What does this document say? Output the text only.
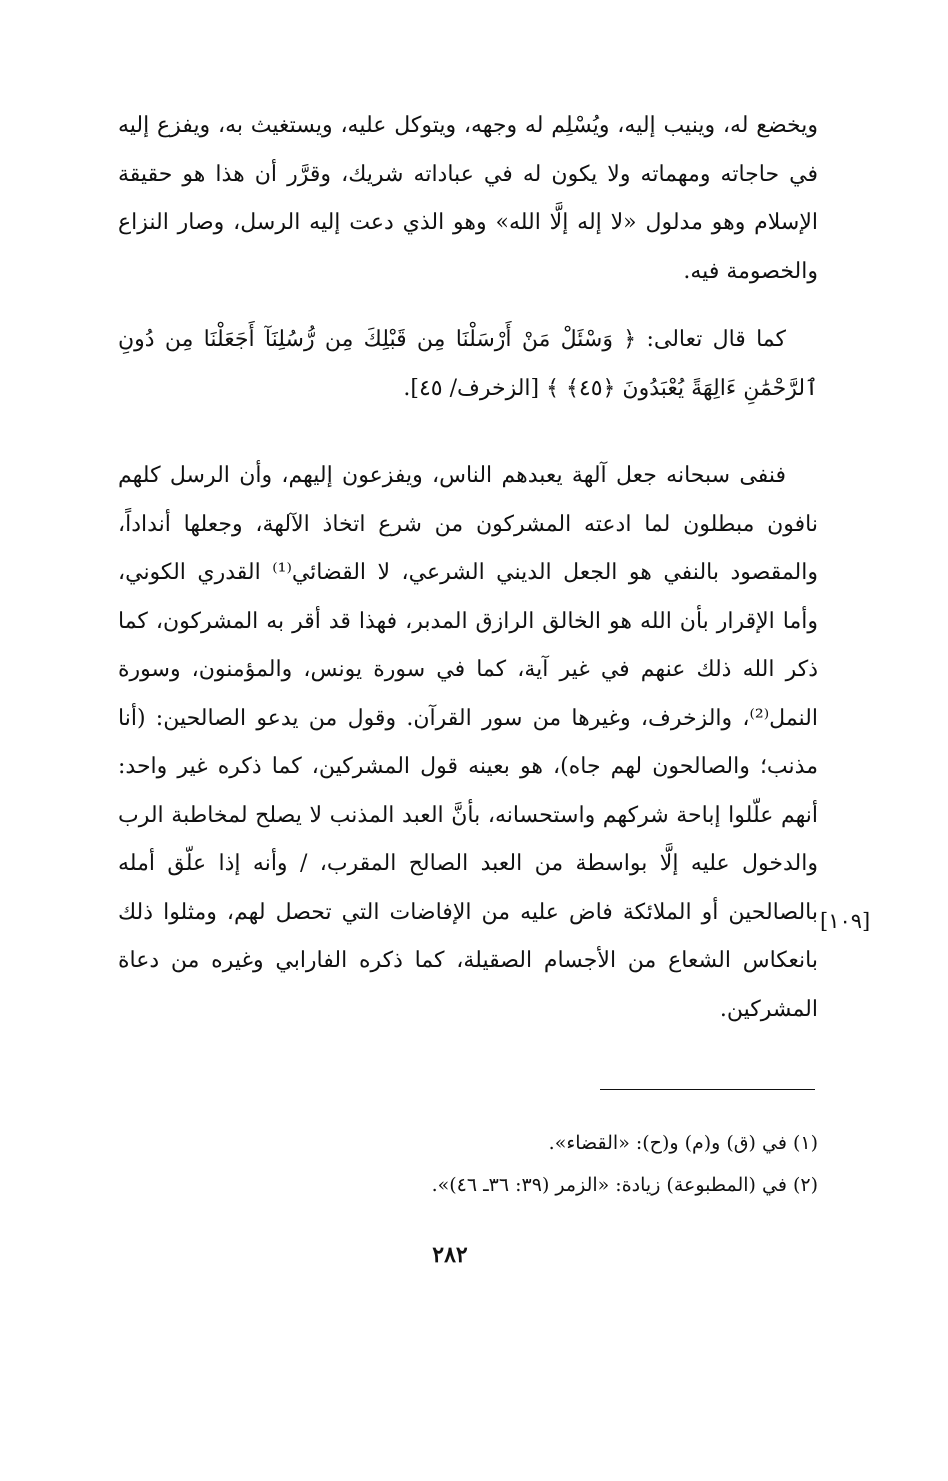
ويخضع له، وينيب إليه، ويُسْلِم له وجهه، ويتوكل عليه، ويستغيث به، ويفزع إليه في حاجاته ومهماته ولا يكون له في عباداته شريك، وقرَّر أن هذا هو حقيقة الإسلام وهو مدلول «لا إله إلَّا الله» وهو الذي دعت إليه الرسل، وصار النزاع والخصومة فيه.

كما قال تعالى: ﴿ وَسْئَلْ مَنْ أَرْسَلْنَا مِن قَبْلِكَ مِن رُّسُلِنَآ أَجَعَلْنَا مِن دُونِ ٱلرَّحْمَٰنِ ءَالِهَةً يُعْبَدُونَ ﴿٤٥﴾ ﴾ [الزخرف/ ٤٥].

فنفى سبحانه جعل آلهة يعبدهم الناس، ويفزعون إليهم، وأن الرسل كلهم نافون مبطلون لما ادعته المشركون من شرع اتخاذ الآلهة، وجعلها أنداداً، والمقصود بالنفي هو الجعل الديني الشرعي، لا القضائي⁽¹⁾ القدري الكوني، وأما الإقرار بأن الله هو الخالق الرازق المدبر، فهذا قد أقر به المشركون، كما ذكر الله ذلك عنهم في غير آية، كما في سورة يونس، والمؤمنون، وسورة النمل⁽²⁾، والزخرف، وغيرها من سور القرآن. وقول من يدعو الصالحين: (أنا مذنب؛ والصالحون لهم جاه)، هو بعينه قول المشركين، كما ذكره غير واحد: أنهم علّلوا إباحة شركهم واستحسانه، بأنَّ العبد المذنب لا يصلح لمخاطبة الرب والدخول عليه إلَّا بواسطة من العبد الصالح المقرب، / وأنه إذا علّق أمله بالصالحين أو الملائكة فاض عليه من الإفاضات التي تحصل لهم، ومثلوا ذلك بانعكاس الشعاع من الأجسام الصقيلة، كما ذكره الفارابي وغيره من دعاة المشركين.

[١٠٩]
(١) في (ق) و(م) و(ح): «القضاء».
(٢) في (المطبوعة) زيادة: «الزمر (٣٩: ٣٦ـ ٤٦)».
٢٨٢
